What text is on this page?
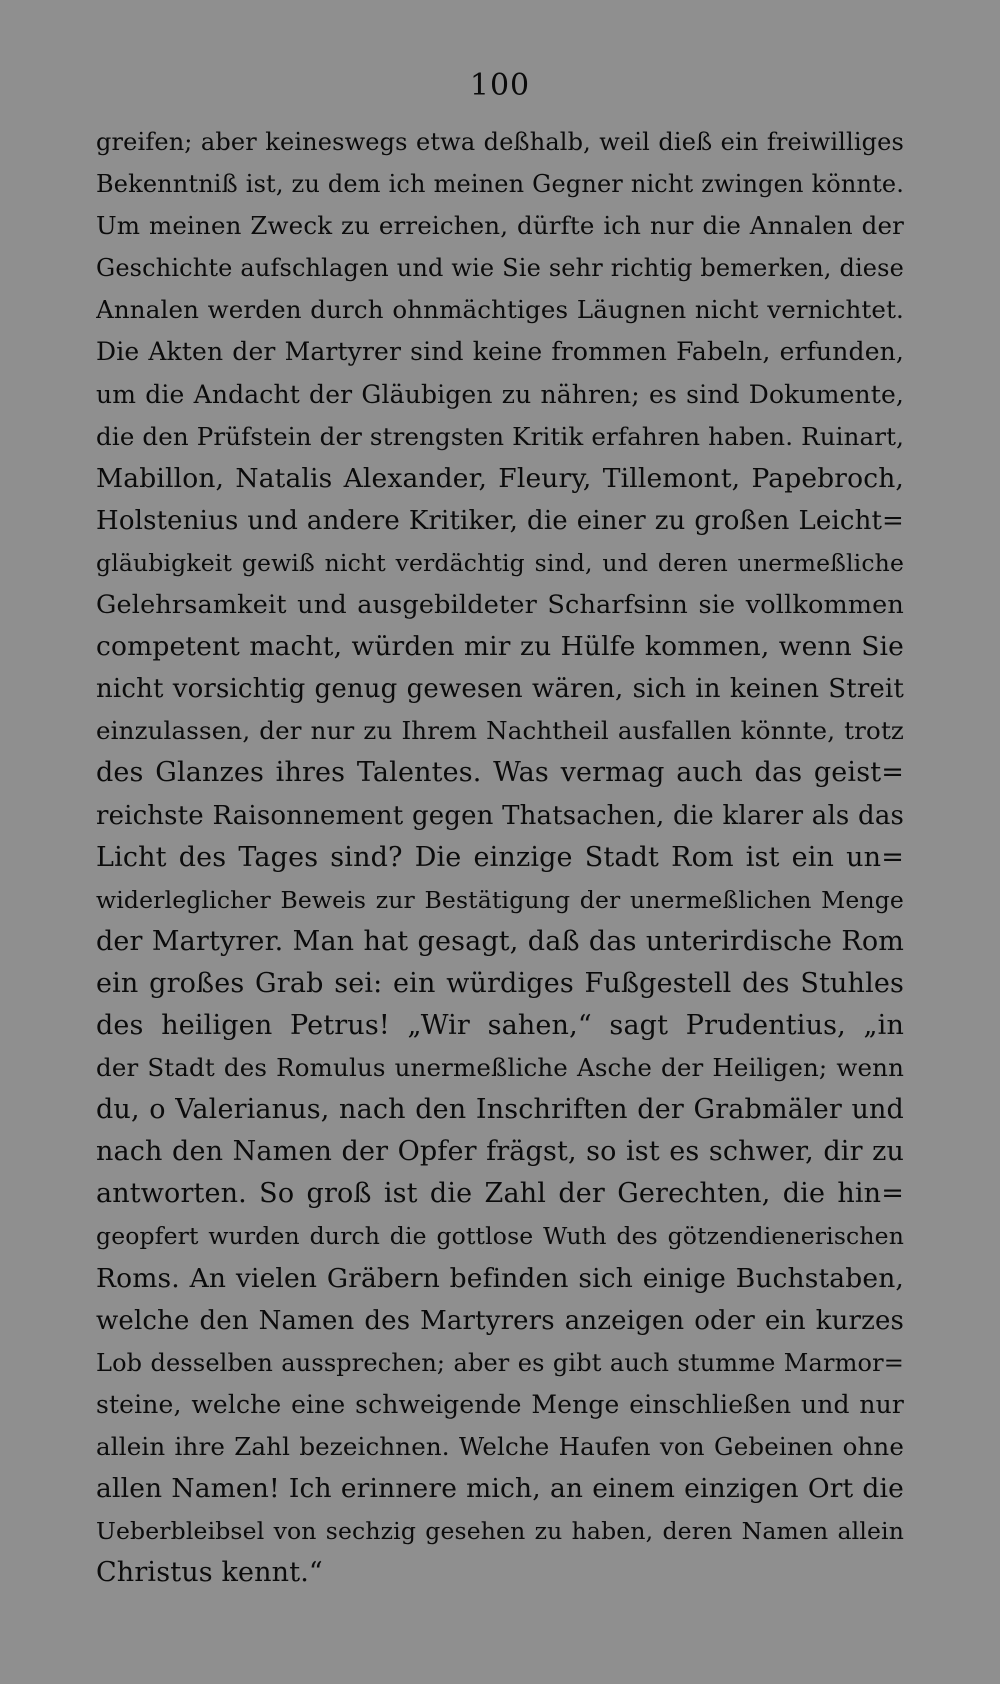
100
greifen; aber keineswegs etwa deßhalb, weil dieß ein freiwilliges
Bekenntniß ist, zu dem ich meinen Gegner nicht zwingen könnte.
Um meinen Zweck zu erreichen, dürfte ich nur die Annalen der
Geschichte aufschlagen und wie Sie sehr richtig bemerken, diese
Annalen werden durch ohnmächtiges Läugnen nicht vernichtet.
Die Akten der Martyrer sind keine frommen Fabeln, erfunden,
um die Andacht der Gläubigen zu nähren; es sind Dokumente,
die den Prüfstein der strengsten Kritik erfahren haben. Ruinart,
Mabillon, Natalis Alexander, Fleury, Tillemont, Papebroch,
Holstenius und andere Kritiker, die einer zu großen Leicht=
gläubigkeit gewiß nicht verdächtig sind, und deren unermeßliche
Gelehrsamkeit und ausgebildeter Scharfsinn sie vollkommen
competent macht, würden mir zu Hülfe kommen, wenn Sie
nicht vorsichtig genug gewesen wären, sich in keinen Streit
einzulassen, der nur zu Ihrem Nachtheil ausfallen könnte, trotz
des Glanzes ihres Talentes. Was vermag auch das geist=
reichste Raisonnement gegen Thatsachen, die klarer als das
Licht des Tages sind? Die einzige Stadt Rom ist ein un=
widerleglicher Beweis zur Bestätigung der unermeßlichen Menge
der Martyrer. Man hat gesagt, daß das unterirdische Rom
ein großes Grab sei: ein würdiges Fußgestell des Stuhles
des heiligen Petrus! „Wir sahen,“ sagt Prudentius, „in
der Stadt des Romulus unermeßliche Asche der Heiligen; wenn
du, o Valerianus, nach den Inschriften der Grabmäler und
nach den Namen der Opfer frägst, so ist es schwer, dir zu
antworten. So groß ist die Zahl der Gerechten, die hin=
geopfert wurden durch die gottlose Wuth des götzendienerischen
Roms. An vielen Gräbern befinden sich einige Buchstaben,
welche den Namen des Martyrers anzeigen oder ein kurzes
Lob desselben aussprechen; aber es gibt auch stumme Marmor=
steine, welche eine schweigende Menge einschließen und nur
allein ihre Zahl bezeichnen. Welche Haufen von Gebeinen ohne
allen Namen! Ich erinnere mich, an einem einzigen Ort die
Ueberbleibsel von sechzig gesehen zu haben, deren Namen allein
Christus kennt.“
